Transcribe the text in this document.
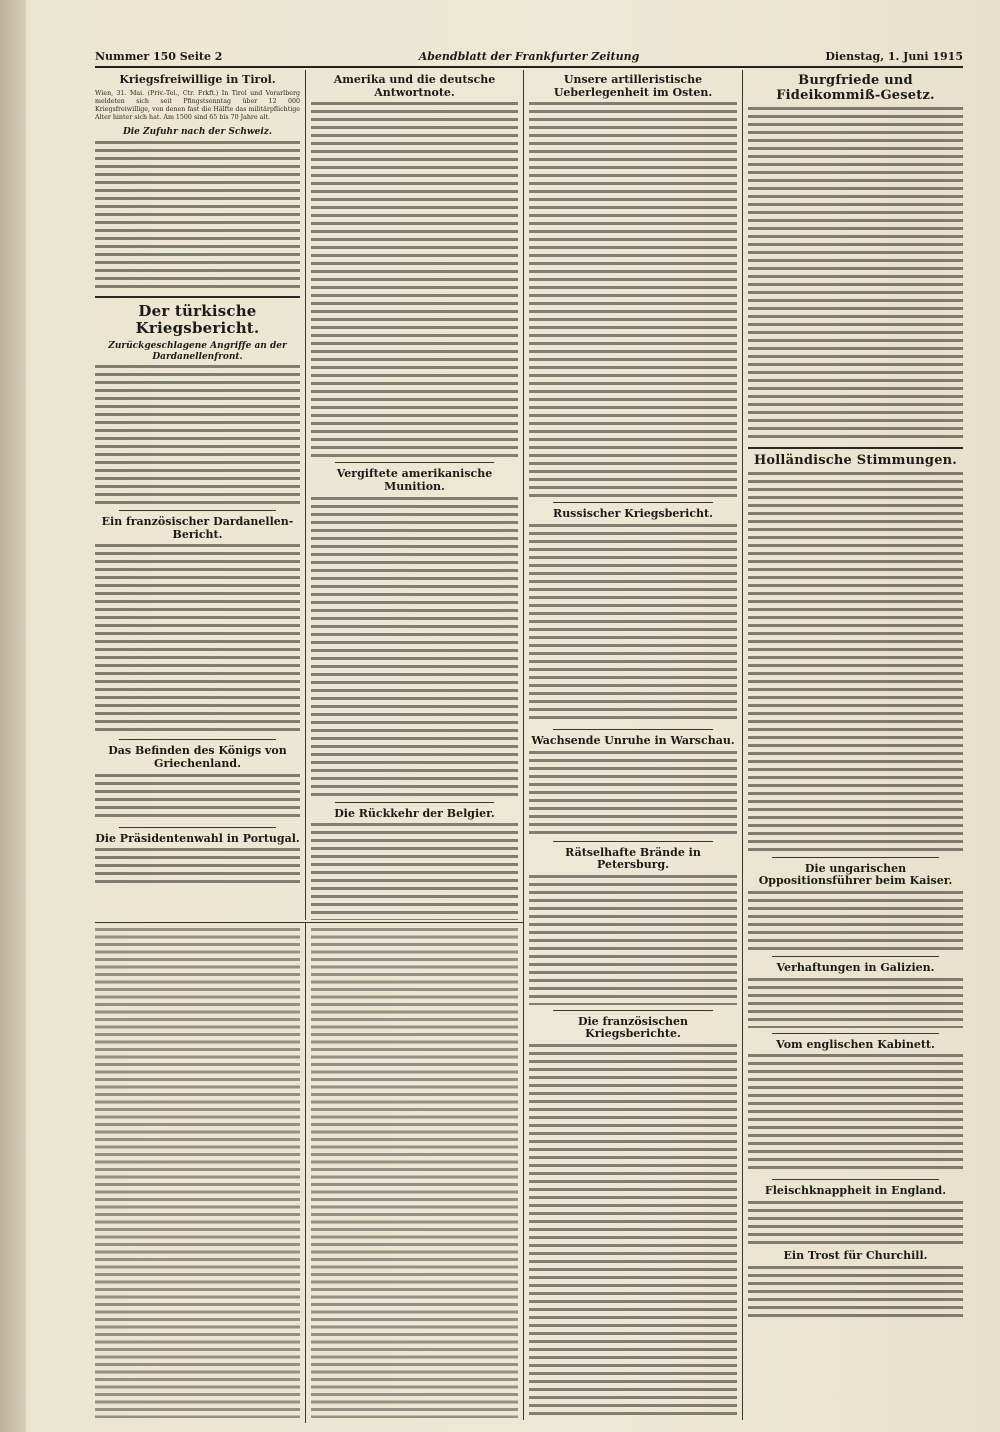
Nummer 150 Seite 2	Abendblatt der Frankfurter Zeitung	Dienstag, 1. Juni 1915
Kriegsfreiwillige in Tirol.

Wien, 31. Mai. (Priv.-Tel., Ctr. Frkft.) In Tirol und Vorarlberg meldeten sich seit Pfingstsonntag über 12 000 Kriegsfreiwillige, von denen fast die Hälfte das militärpflichtige Alter hinter sich hat. Am 1500 sind 65 bis 70 Jahre alt.

Die Zufuhr nach der Schweiz.
Der türkische Kriegsbericht.
Zurückgeschlagene Angriffe an der Dardanellenfront.
Ein französischer Dardanellen-Bericht.
Das Befinden des Königs von Griechenland.
Die Präsidentenwahl in Portugal.
Amerika und die deutsche Antwortnote.
Vergiftete amerikanische Munition.
Die Rückkehr der Belgier.
Unsere artilleristische Ueberlegenheit im Osten.
Russischer Kriegsbericht.
Wachsende Unruhe in Warschau.
Rätselhafte Brände in Petersburg.
Die französischen Kriegsberichte.
Burgfriede und Fideikommiß-Gesetz.
Holländische Stimmungen.
Die ungarischen Oppositionsführer beim Kaiser.
Verhaftungen in Galizien.
Vom englischen Kabinett.
Fleischknappheit in England.
Ein Trost für Churchill.
